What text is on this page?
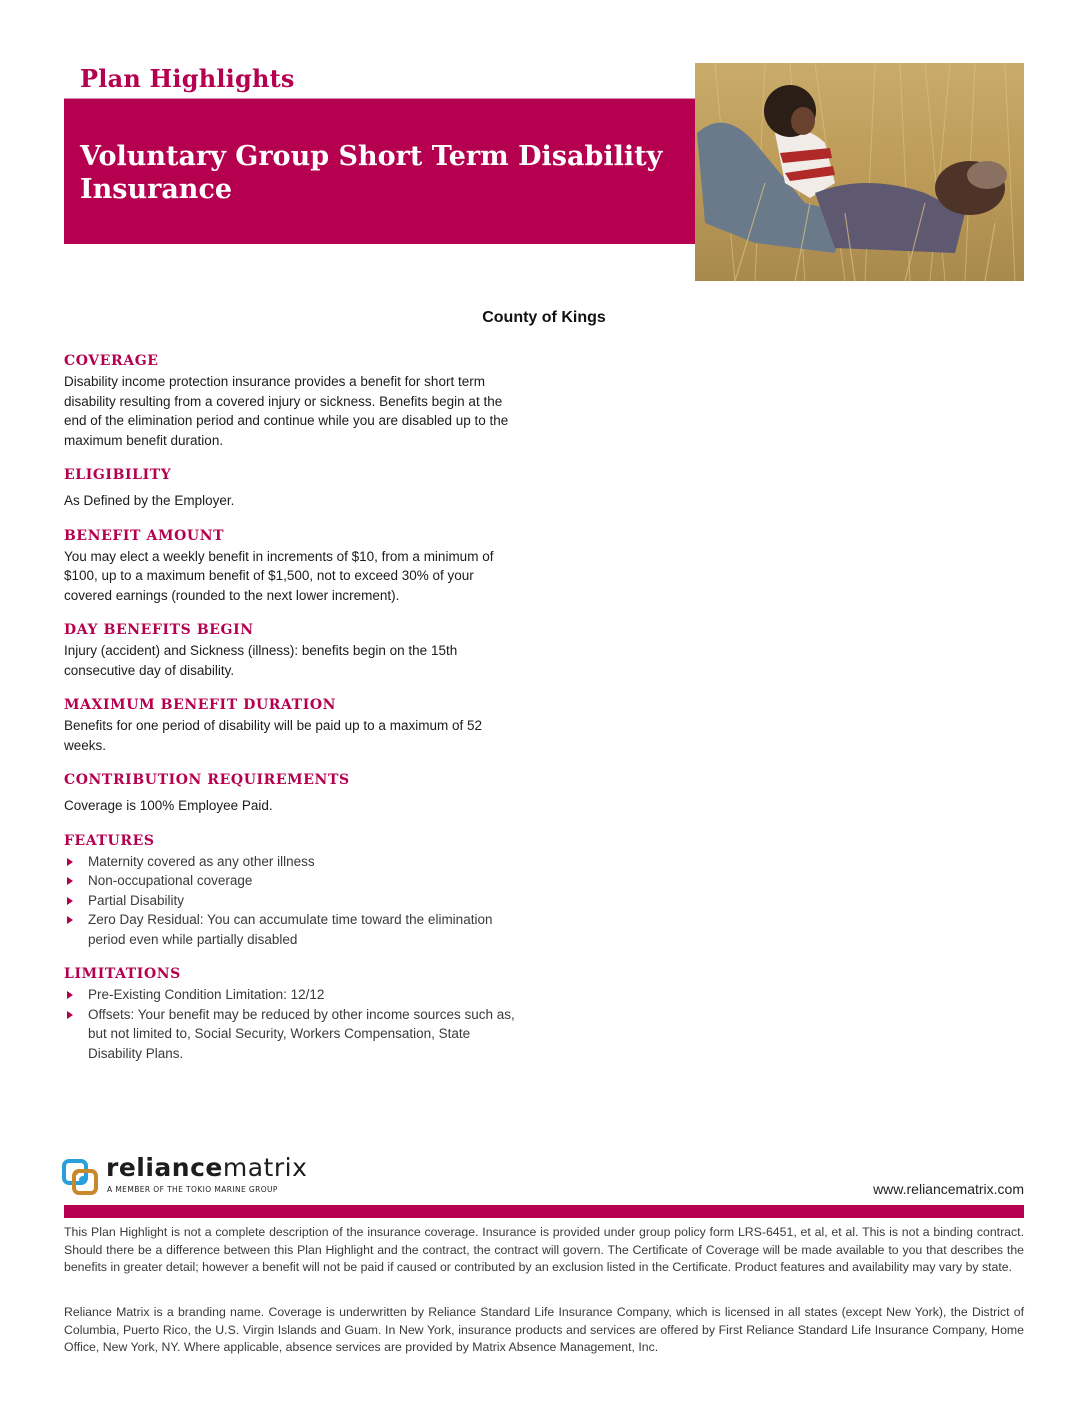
Plan Highlights
Voluntary Group Short Term Disability Insurance
County of Kings
COVERAGE

Disability income protection insurance provides a benefit for short term disability resulting from a covered injury or sickness. Benefits begin at the end of the elimination period and continue while you are disabled up to the maximum benefit duration.

ELIGIBILITY

As Defined by the Employer.

BENEFIT AMOUNT

You may elect a weekly benefit in increments of $10, from a minimum of $100, up to a maximum benefit of $1,500, not to exceed 30% of your covered earnings (rounded to the next lower increment).

DAY BENEFITS BEGIN

Injury (accident) and Sickness (illness): benefits begin on the 15th consecutive day of disability.

MAXIMUM BENEFIT DURATION

Benefits for one period of disability will be paid up to a maximum of 52 weeks.

CONTRIBUTION REQUIREMENTS

Coverage is 100% Employee Paid.

FEATURES
Maternity covered as any other illness
Non-occupational coverage
Partial Disability
Zero Day Residual: You can accumulate time toward the elimination period even while partially disabled
LIMITATIONS
Pre-Existing Condition Limitation: 12/12
Offsets: Your benefit may be reduced by other income sources such as, but not limited to, Social Security, Workers Compensation, State Disability Plans.
reliancematrix
A MEMBER OF THE TOKIO MARINE GROUP	www.reliancematrix.com

This Plan Highlight is not a complete description of the insurance coverage. Insurance is provided under group policy form LRS-6451, et al, et al. This is not a binding contract. Should there be a difference between this Plan Highlight and the contract, the contract will govern. The Certificate of Coverage will be made available to you that describes the benefits in greater detail; however a benefit will not be paid if caused or contributed by an exclusion listed in the Certificate. Product features and availability may vary by state.

Reliance Matrix is a branding name. Coverage is underwritten by Reliance Standard Life Insurance Company, which is licensed in all states (except New York), the District of Columbia, Puerto Rico, the U.S. Virgin Islands and Guam. In New York, insurance products and services are offered by First Reliance Standard Life Insurance Company, Home Office, New York, NY. Where applicable, absence services are provided by Matrix Absence Management, Inc.
